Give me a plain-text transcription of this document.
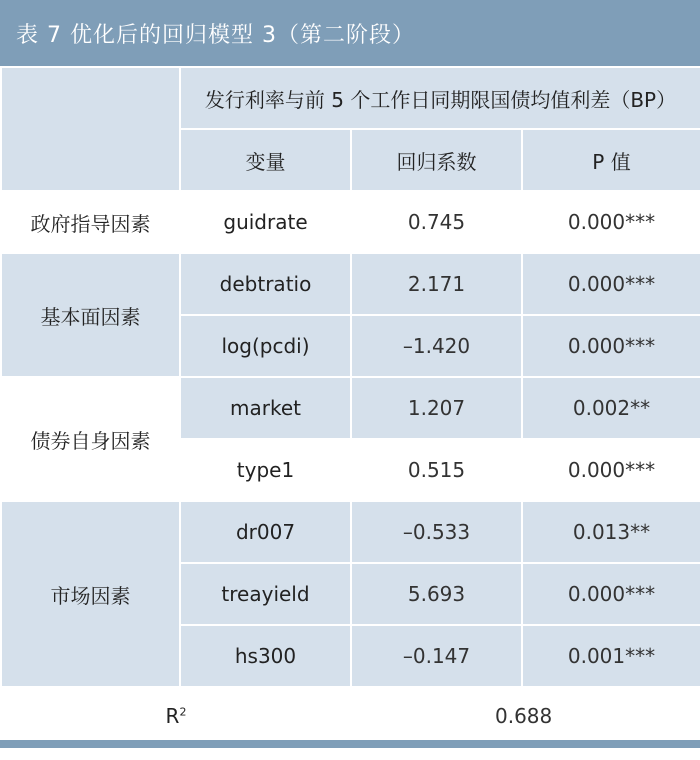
表 7 优化后的回归模型 3（第二阶段）
	发行利率与前 5 个工作日同期限国债均值利差（BP）		
	变量	回归系数	P 值
政府指导因素	guidrate	0.745	0.000***
基本面因素	debtratio	2.171	0.000***
	log(pcdi)	–1.420	0.000***
债券自身因素	market	1.207	0.002**
	type1	0.515	0.000***
市场因素	dr007	–0.533	0.013**
	treayield	5.693	0.000***
	hs300	–0.147	0.001***
$R^2$		0.688	
